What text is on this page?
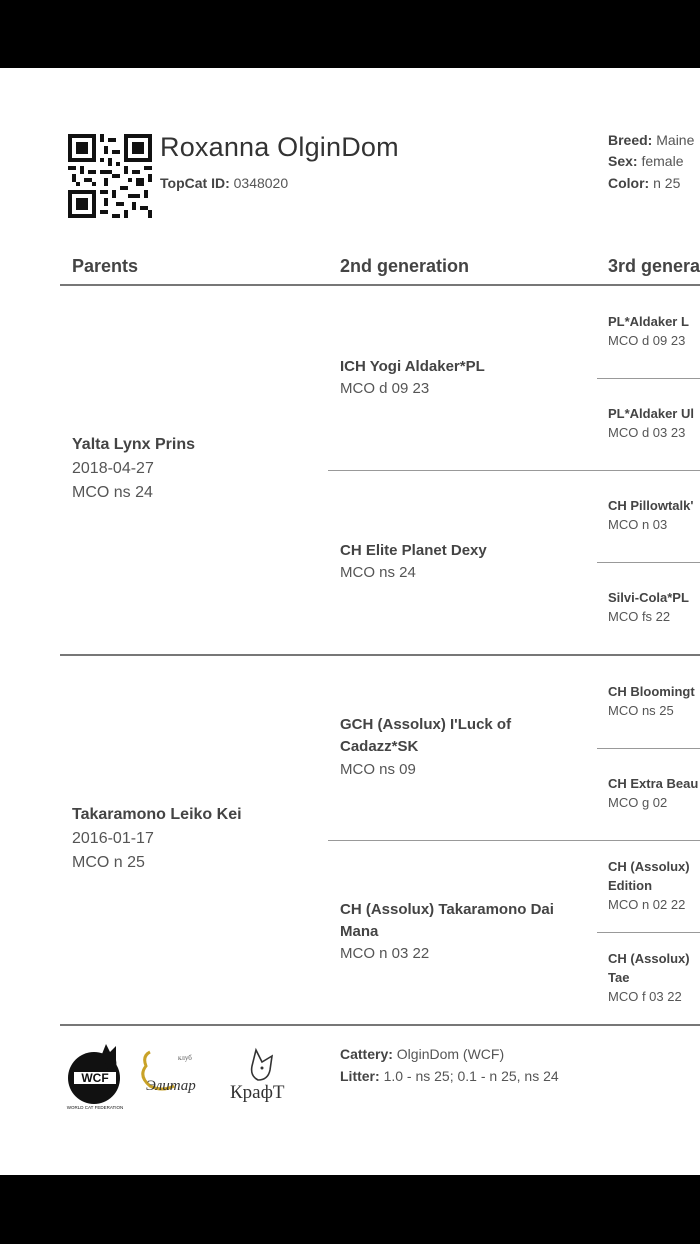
Roxanna OlginDom
TopCat ID: 0348020
Breed: Maine
Sex: female
Color: n 25
Parents	2nd generation	3rd genera
Yalta Lynx Prins
2018-04-27
MCO ns 24
Takaramono Leiko Kei
2016-01-17
MCO n 25
ICH Yogi Aldaker*PL
MCO d 09 23
CH Elite Planet Dexy
MCO ns 24
GCH (Assolux) I'Luck of Cadazz*SK
MCO ns 09
CH (Assolux) Takaramono Dai Mana
MCO n 03 22
PL*Aldaker L
MCO d 09 23
PL*Aldaker Ul
MCO d 03 23
CH Pillowtalk'
MCO n 03
Silvi-Cola*PL
MCO fs 22
CH Bloomingt
MCO ns 25
CH Extra Beau
MCO g 02
CH (Assolux) Edition
MCO n 02 22
CH (Assolux) Tae
MCO f 03 22
WCF
WORLD CAT FEDERATION
клуб
Элитар КрафТ
Cattery: OlginDom (WCF)
Litter: 1.0 - ns 25; 0.1 - n 25, ns 24
